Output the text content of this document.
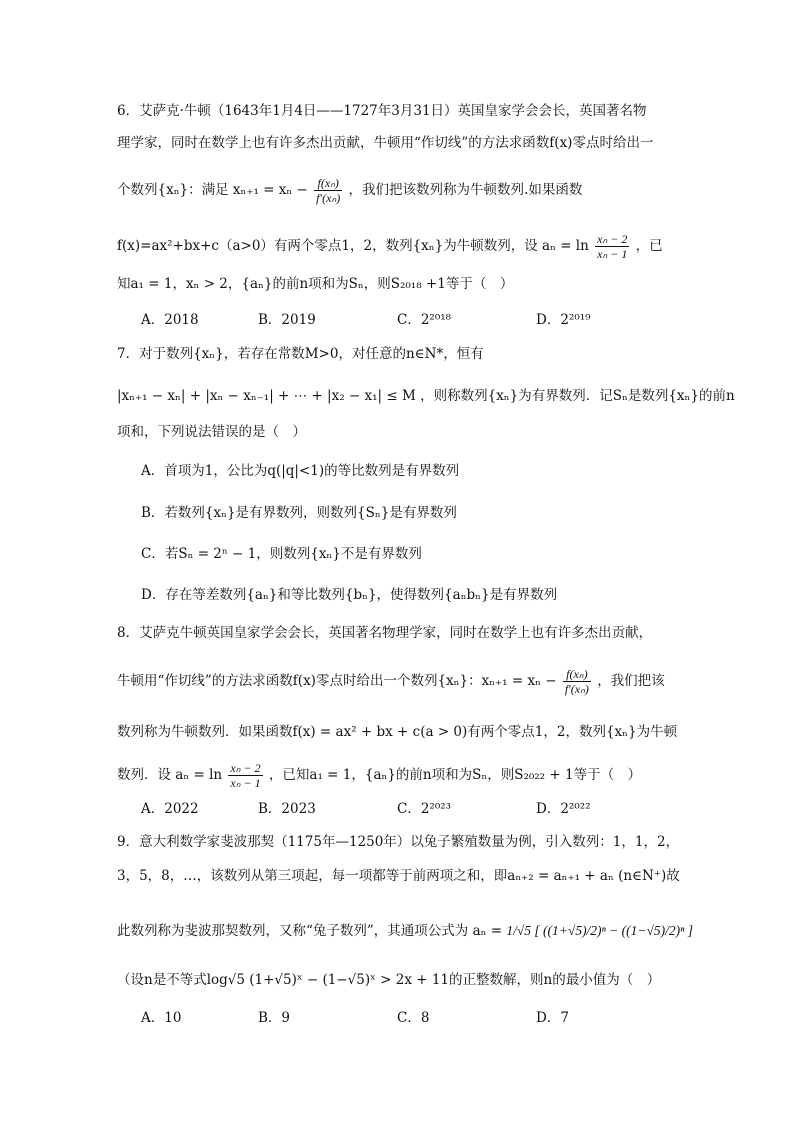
6．艾萨克·牛顿（1643年1月4日——1727年3月31日）英国皇家学会会长，英国著名物
理学家，同时在数学上也有许多杰出贡献，牛顿用“作切线”的方法求函数f(x)零点时给出一
个数列{xₙ}：满足 $x_{n+1} = x_n - \frac{\text{f(xₙ)}}{\text{f′(xₙ)}}$ ，我们把该数列称为牛顿数列.如果函数
f(x)=ax²+bx+c（a>0）有两个零点1，2，数列{xₙ}为牛顿数列，设 $a_n = \ln \frac{\text{xₙ − 2}}{\text{xₙ − 1}}$ ，已
知a₁ = 1，xₙ > 2，{aₙ}的前n项和为Sₙ，则S₂₀₁₈ +1等于（　）
A．2018	B．2019	C．2²⁰¹⁸	D．2²⁰¹⁹
7．对于数列{xₙ}，若存在常数M>0，对任意的n∈N*，恒有
|xₙ₊₁ − xₙ| + |xₙ − xₙ₋₁| + ⋯ + |x₂ − x₁| ≤ M ，则称数列{xₙ}为有界数列．记Sₙ是数列{xₙ}的前n
项和，下列说法错误的是（　）
A．首项为1，公比为q(|q|<1)的等比数列是有界数列
B．若数列{xₙ}是有界数列，则数列{Sₙ}是有界数列
C．若Sₙ = 2ⁿ − 1，则数列{xₙ}不是有界数列
D．存在等差数列{aₙ}和等比数列{bₙ}，使得数列{aₙbₙ}是有界数列
8．艾萨克牛顿英国皇家学会会长，英国著名物理学家，同时在数学上也有许多杰出贡献，
牛顿用“作切线”的方法求函数f(x)零点时给出一个数列{xₙ}：$x_{n+1} = x_n - \frac{\text{f(xₙ)}}{\text{f′(xₙ)}}$ ，我们把该
数列称为牛顿数列．如果函数f(x) = ax² + bx + c(a > 0)有两个零点1，2，数列{xₙ}为牛顿
数列．设 $a_n = \ln \frac{\text{xₙ − 2}}{\text{xₙ − 1}}$ ，已知a₁ = 1，{aₙ}的前n项和为Sₙ，则S₂₀₂₂ + 1等于（　）
A．2022	B．2023	C．2²⁰²³	D．2²⁰²²
9．意大利数学家斐波那契（1175年—1250年）以兔子繁殖数量为例，引入数列：1，1，2，
3，5，8，…，该数列从第三项起，每一项都等于前两项之和，即aₙ₊₂ = aₙ₊₁ + aₙ (n∈N⁺)故
此数列称为斐波那契数列，又称“兔子数列”，其通项公式为 aₙ = 1/√5 [ ((1+√5)/2)ⁿ − ((1−√5)/2)ⁿ ]
（设n是不等式log√5 (1+√5)ˣ − (1−√5)ˣ > 2x + 11的正整数解，则n的最小值为（　）
A．10	B．9	C．8	D．7
